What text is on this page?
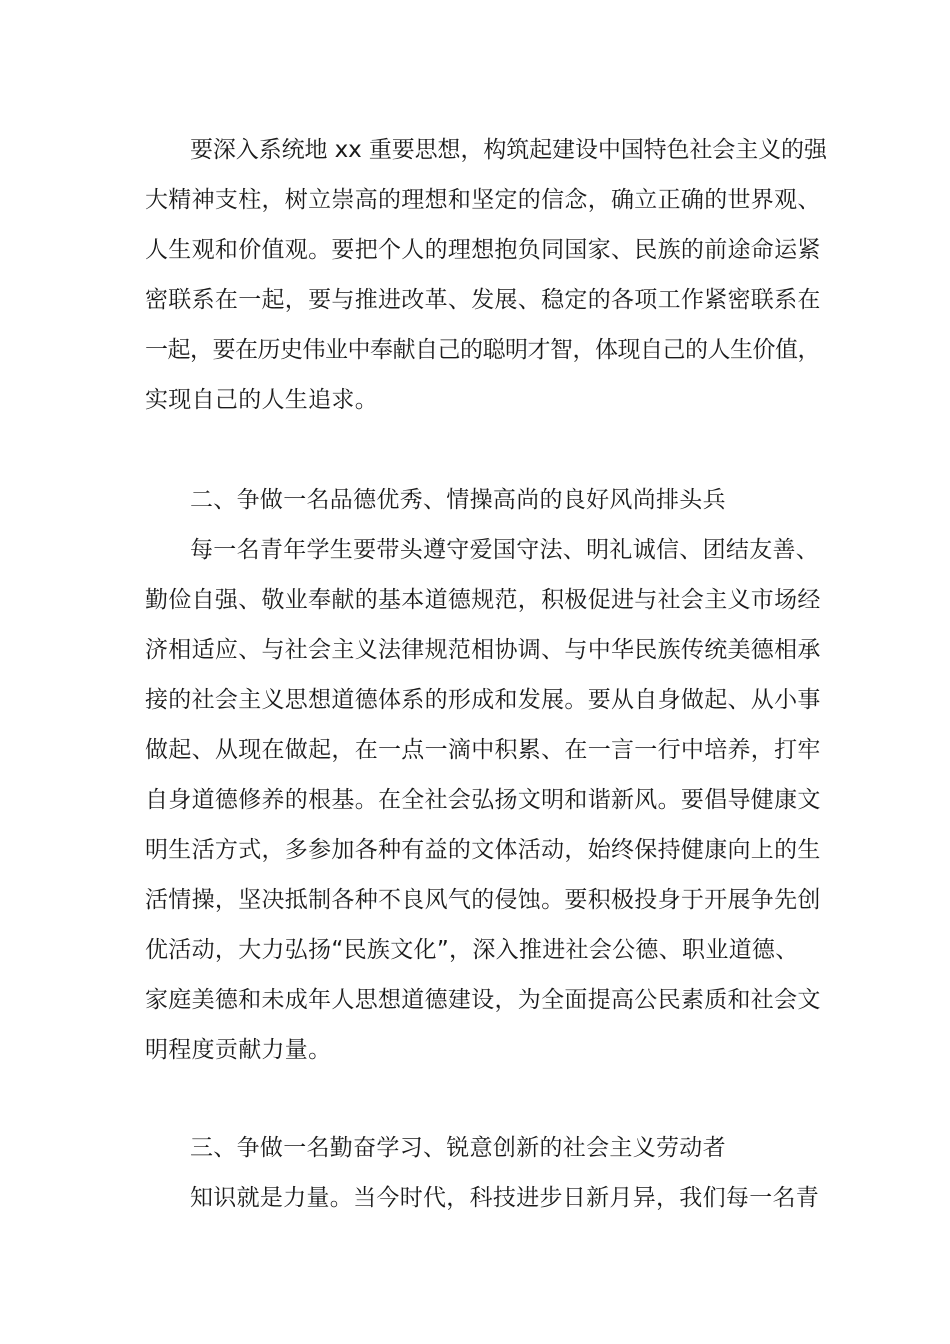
要深入系统地 xx 重要思想，构筑起建设中国特色社会主义的强
大精神支柱，树立崇高的理想和坚定的信念，确立正确的世界观、
人生观和价值观。要把个人的理想抱负同国家、民族的前途命运紧
密联系在一起，要与推进改革、发展、稳定的各项工作紧密联系在
一起，要在历史伟业中奉献自己的聪明才智，体现自己的人生价值，
实现自己的人生追求。
二、争做一名品德优秀、情操高尚的良好风尚排头兵
每一名青年学生要带头遵守爱国守法、明礼诚信、团结友善、
勤俭自强、敬业奉献的基本道德规范，积极促进与社会主义市场经
济相适应、与社会主义法律规范相协调、与中华民族传统美德相承
接的社会主义思想道德体系的形成和发展。要从自身做起、从小事
做起、从现在做起，在一点一滴中积累、在一言一行中培养，打牢
自身道德修养的根基。在全社会弘扬文明和谐新风。要倡导健康文
明生活方式，多参加各种有益的文体活动，始终保持健康向上的生
活情操，坚决抵制各种不良风气的侵蚀。要积极投身于开展争先创
优活动，大力弘扬“民族文化”，深入推进社会公德、职业道德、
家庭美德和未成年人思想道德建设，为全面提高公民素质和社会文
明程度贡献力量。
三、争做一名勤奋学习、锐意创新的社会主义劳动者
知识就是力量。当今时代，科技进步日新月异，我们每一名青
